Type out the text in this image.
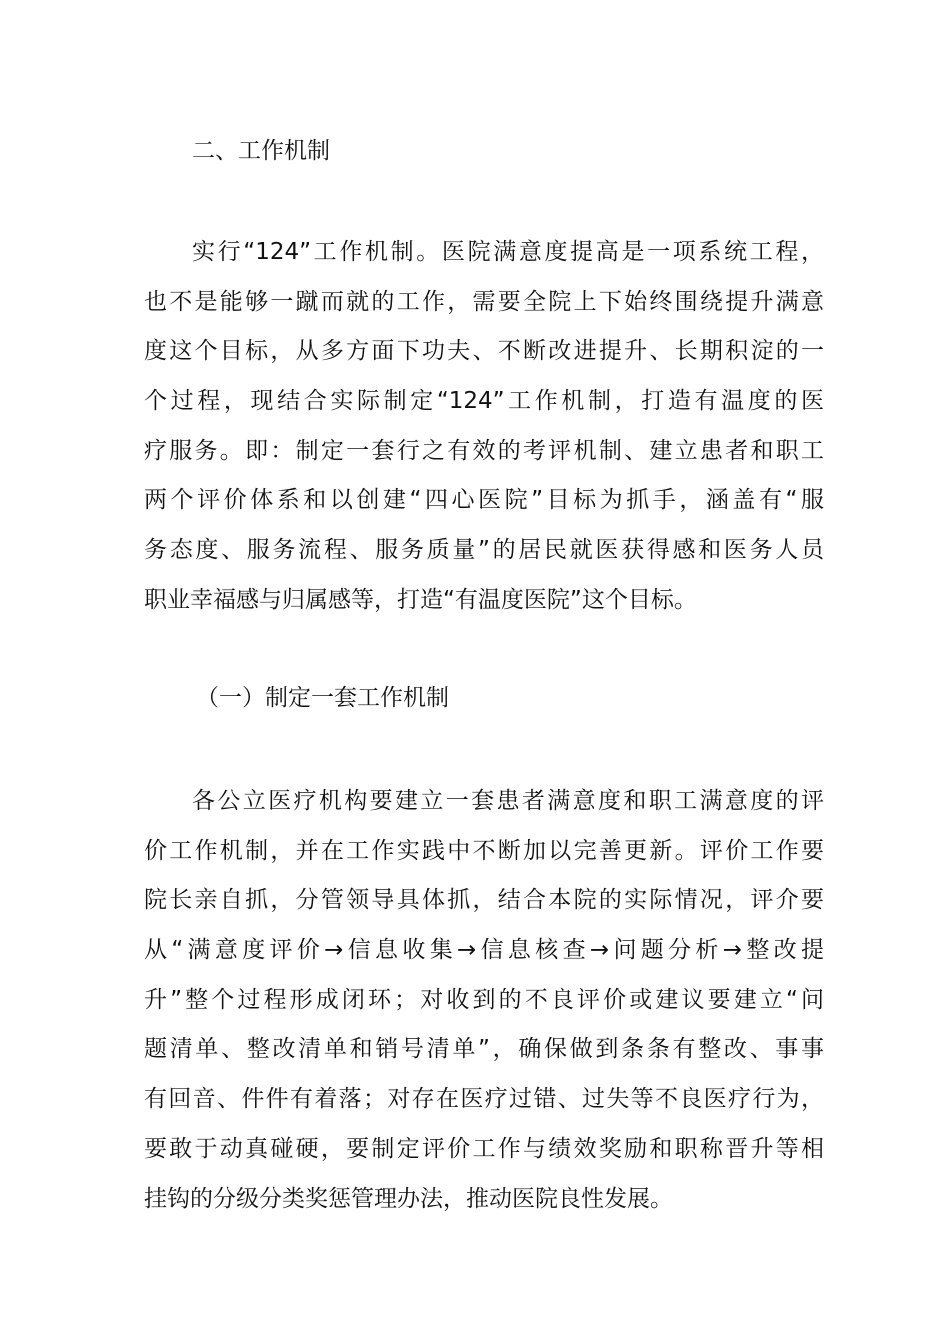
二、工作机制
实行“124”工作机制。医院满意度提高是一项系统工程，
也不是能够一蹴而就的工作，需要全院上下始终围绕提升满意
度这个目标，从多方面下功夫、不断改进提升、长期积淀的一
个过程，现结合实际制定“124”工作机制，打造有温度的医
疗服务。即：制定一套行之有效的考评机制、建立患者和职工
两个评价体系和以创建“四心医院”目标为抓手，涵盖有“服
务态度、服务流程、服务质量”的居民就医获得感和医务人员
职业幸福感与归属感等，打造“有温度医院”这个目标。
（一）制定一套工作机制
各公立医疗机构要建立一套患者满意度和职工满意度的评
价工作机制，并在工作实践中不断加以完善更新。评价工作要
院长亲自抓，分管领导具体抓，结合本院的实际情况，评介要
从“满意度评价→信息收集→信息核查→问题分析→整改提
升”整个过程形成闭环；对收到的不良评价或建议要建立“问
题清单、整改清单和销号清单”，确保做到条条有整改、事事
有回音、件件有着落；对存在医疗过错、过失等不良医疗行为，
要敢于动真碰硬，要制定评价工作与绩效奖励和职称晋升等相
挂钩的分级分类奖惩管理办法，推动医院良性发展。
